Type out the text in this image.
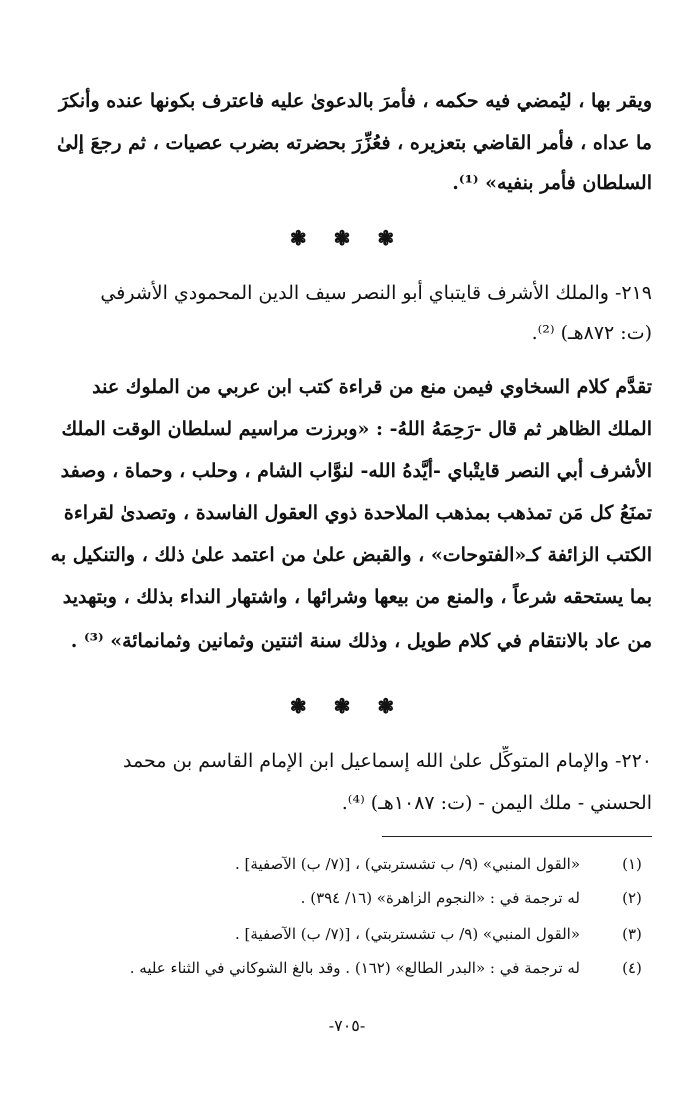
ويقر بها ، ليُمضي فيه حكمه ، فأمرَ بالدعوىٰ عليه فاعترف بكونها عنده وأنكرَ
ما عداه ، فأمر القاضي بتعزيره ، فعُزِّرَ بحضرته بضرب عصيات ، ثم رجعَ إلىٰ
السلطان فأمر بنفيه» ⁽¹⁾.
❃ ❃ ❃
٢١٩- والملك الأشرف قايتباي أبو النصر سيف الدين المحمودي الأشرفي
(ت: ٨٧٢هـ) ⁽²⁾.
تقدَّم كلام السخاوي فيمن منع من قراءة كتب ابن عربي من الملوك عند
الملك الظاهر ثم قال -رَحِمَهُ اللهُ- : «وبرزت مراسيم لسلطان الوقت الملك
الأشرف أبي النصر قايتْباي -أيَّدهُ الله- لنوَّاب الشام ، وحلب ، وحماة ، وصفد
تمنَعُ كل مَن تمذهب بمذهب الملاحدة ذوي العقول الفاسدة ، وتصدىٰ لقراءة
الكتب الزائفة كـ«الفتوحات» ، والقبض علىٰ من اعتمد علىٰ ذلك ، والتنكيل به
بما يستحقه شرعاً ، والمنع من بيعها وشرائها ، واشتهار النداء بذلك ، وبتهديد
من عاد بالانتقام في كلام طويل ، وذلك سنة اثنتين وثمانين وثمانمائة» ⁽³⁾ .
❃ ❃ ❃
٢٢٠- والإمام المتوكِّل علىٰ الله إسماعيل ابن الإمام القاسم بن محمد
الحسني - ملك اليمن - (ت: ١٠٨٧هـ) ⁽⁴⁾.
(١)
«القول المنبي» (٩/ ب تشستربتي) ، [(٧/ ب) الآصفية] .
(٢)
له ترجمة في : «النجوم الزاهرة» (١٦/ ٣٩٤) .
(٣)
«القول المنبي» (٩/ ب تشستربتي) ، [(٧/ ب) الآصفية] .
(٤)
له ترجمة في : «البدر الطالع» (١٦٢) . وقد بالغ الشوكاني في الثناء عليه .
-٧٠٥-
